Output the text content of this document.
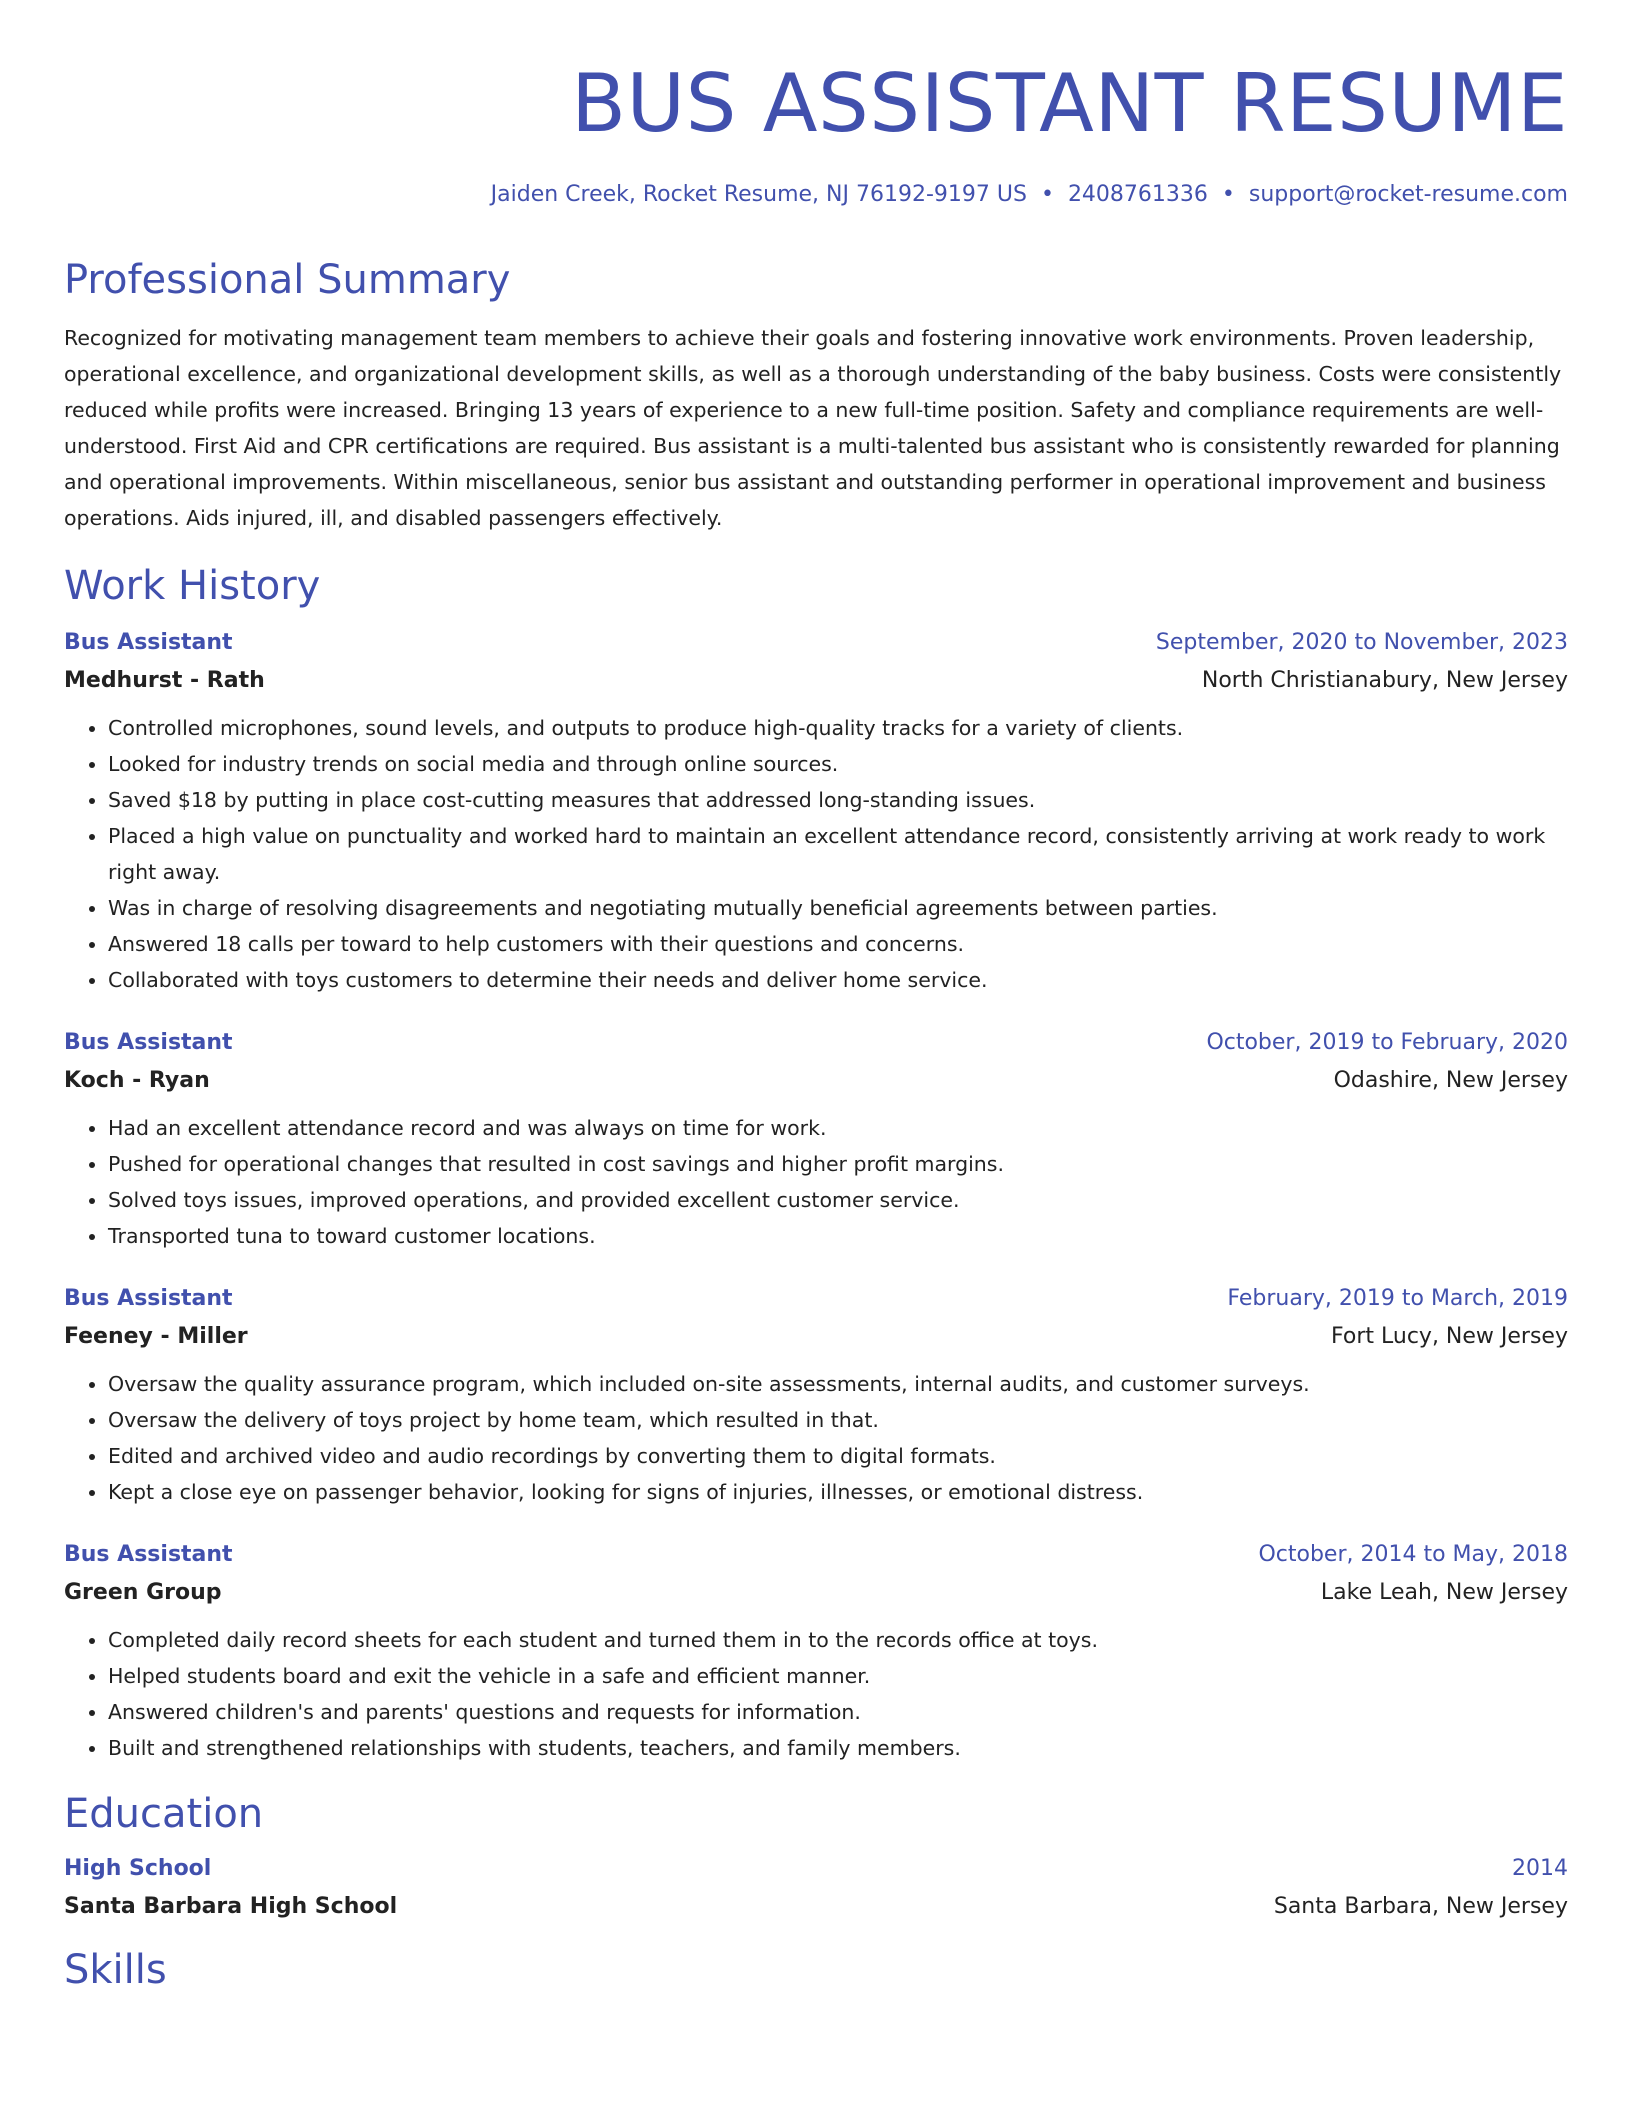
BUS ASSISTANT RESUME
Jaiden Creek, Rocket Resume, NJ 76192-9197 US • 2408761336 • support@rocket-resume.com
Professional Summary
Recognized for motivating management team members to achieve their goals and fostering innovative work environments. Proven leadership, operational excellence, and organizational development skills, as well as a thorough understanding of the baby business. Costs were consistently reduced while profits were increased. Bringing 13 years of experience to a new full-time position. Safety and compliance requirements are well-understood. First Aid and CPR certifications are required. Bus assistant is a multi-talented bus assistant who is consistently rewarded for planning and operational improvements. Within miscellaneous, senior bus assistant and outstanding performer in operational improvement and business operations. Aids injured, ill, and disabled passengers effectively.
Work History
Bus Assistant	September, 2020 to November, 2023
Medhurst - Rath	North Christianabury, New Jersey
• Controlled microphones, sound levels, and outputs to produce high-quality tracks for a variety of clients.
• Looked for industry trends on social media and through online sources.
• Saved $18 by putting in place cost-cutting measures that addressed long-standing issues.
• Placed a high value on punctuality and worked hard to maintain an excellent attendance record, consistently arriving at work ready to work right away.
• Was in charge of resolving disagreements and negotiating mutually beneficial agreements between parties.
• Answered 18 calls per toward to help customers with their questions and concerns.
• Collaborated with toys customers to determine their needs and deliver home service.
Bus Assistant	October, 2019 to February, 2020
Koch - Ryan	Odashire, New Jersey
• Had an excellent attendance record and was always on time for work.
• Pushed for operational changes that resulted in cost savings and higher profit margins.
• Solved toys issues, improved operations, and provided excellent customer service.
• Transported tuna to toward customer locations.
Bus Assistant	February, 2019 to March, 2019
Feeney - Miller	Fort Lucy, New Jersey
• Oversaw the quality assurance program, which included on-site assessments, internal audits, and customer surveys.
• Oversaw the delivery of toys project by home team, which resulted in that.
• Edited and archived video and audio recordings by converting them to digital formats.
• Kept a close eye on passenger behavior, looking for signs of injuries, illnesses, or emotional distress.
Bus Assistant	October, 2014 to May, 2018
Green Group	Lake Leah, New Jersey
• Completed daily record sheets for each student and turned them in to the records office at toys.
• Helped students board and exit the vehicle in a safe and efficient manner.
• Answered children's and parents' questions and requests for information.
• Built and strengthened relationships with students, teachers, and family members.
Education
High School	2014
Santa Barbara High School	Santa Barbara, New Jersey
Skills
